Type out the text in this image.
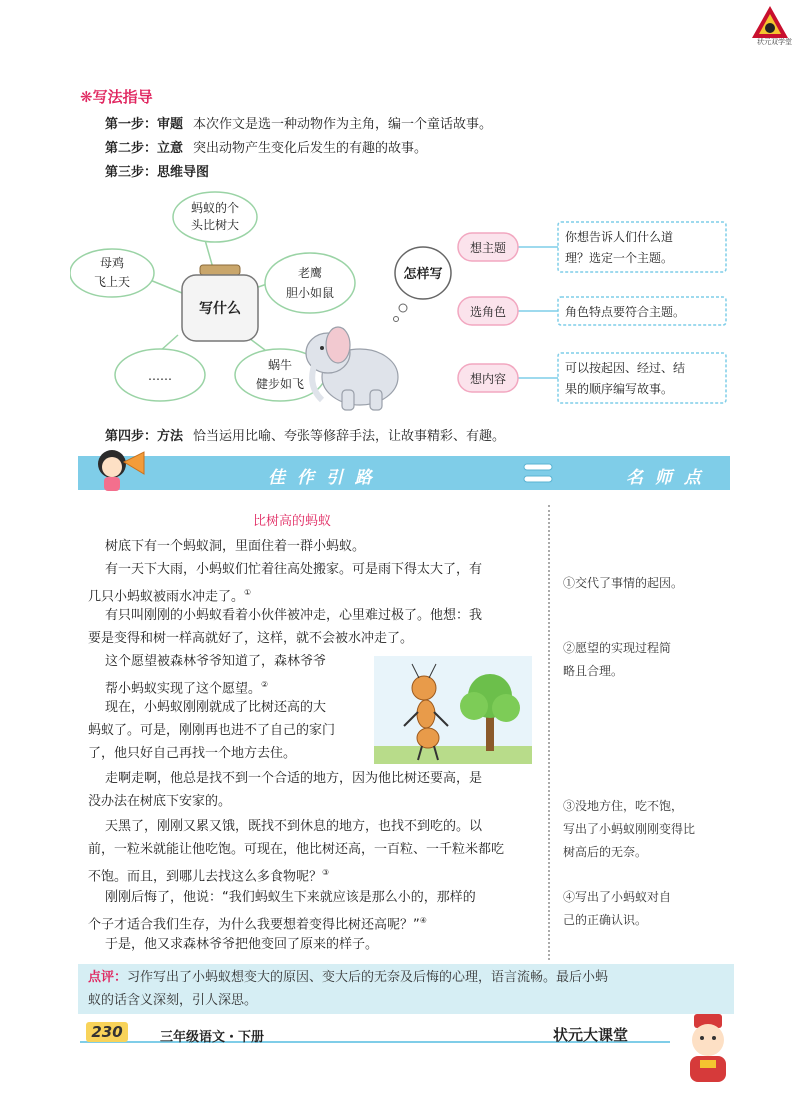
状元双学堂
❋写法指导
第一步：审题 本次作文是选一种动物作为主角，编一个童话故事。
第二步：立意 突出动物产生变化后发生的有趣的故事。
第三步：思维导图
写什么
蚂蚁的个
头比树大
母鸡
飞上天
老鹰
胆小如鼠
……
蜗牛
健步如飞
怎样写
想主题
选角色
想内容
你想告诉人们什么道
理？选定一个主题。
角色特点要符合主题。
可以按起因、经过、结
果的顺序编写故事。
第四步：方法 恰当运用比喻、夸张等修辞手法，让故事精彩、有趣。
佳 作 引 路	名 师 点 评
比树高的蚂蚁
树底下有一个蚂蚁洞，里面住着一群小蚂蚁。
有一天下大雨，小蚂蚁们忙着往高处搬家。可是雨下得太大了，有
几只小蚂蚁被雨水冲走了。①
有只叫刚刚的小蚂蚁看着小伙伴被冲走，心里难过极了。他想：我
要是变得和树一样高就好了，这样，就不会被水冲走了。
这个愿望被森林爷爷知道了，森林爷爷
帮小蚂蚁实现了这个愿望。②
现在，小蚂蚁刚刚就成了比树还高的大
蚂蚁了。可是，刚刚再也进不了自己的家门
了，他只好自己再找一个地方去住。
走啊走啊，他总是找不到一个合适的地方，因为他比树还要高，是
没办法在树底下安家的。
天黑了，刚刚又累又饿，既找不到休息的地方，也找不到吃的。以
前，一粒米就能让他吃饱。可现在，他比树还高，一百粒、一千粒米都吃
不饱。而且，到哪儿去找这么多食物呢？③
刚刚后悔了，他说：“我们蚂蚁生下来就应该是那么小的，那样的
个子才适合我们生存，为什么我要想着变得比树还高呢？”④
于是，他又求森林爷爷把他变回了原来的样子。
①交代了事情的起因。
②愿望的实现过程简
略且合理。
③没地方住，吃不饱，
写出了小蚂蚁刚刚变得比
树高后的无奈。
④写出了小蚂蚁对自
己的正确认识。
点评：习作写出了小蚂蚁想变大的原因、变大后的无奈及后悔的心理，语言流畅。最后小蚂
蚁的话含义深刻，引人深思。
230	三年级语文・下册	状元大课堂
